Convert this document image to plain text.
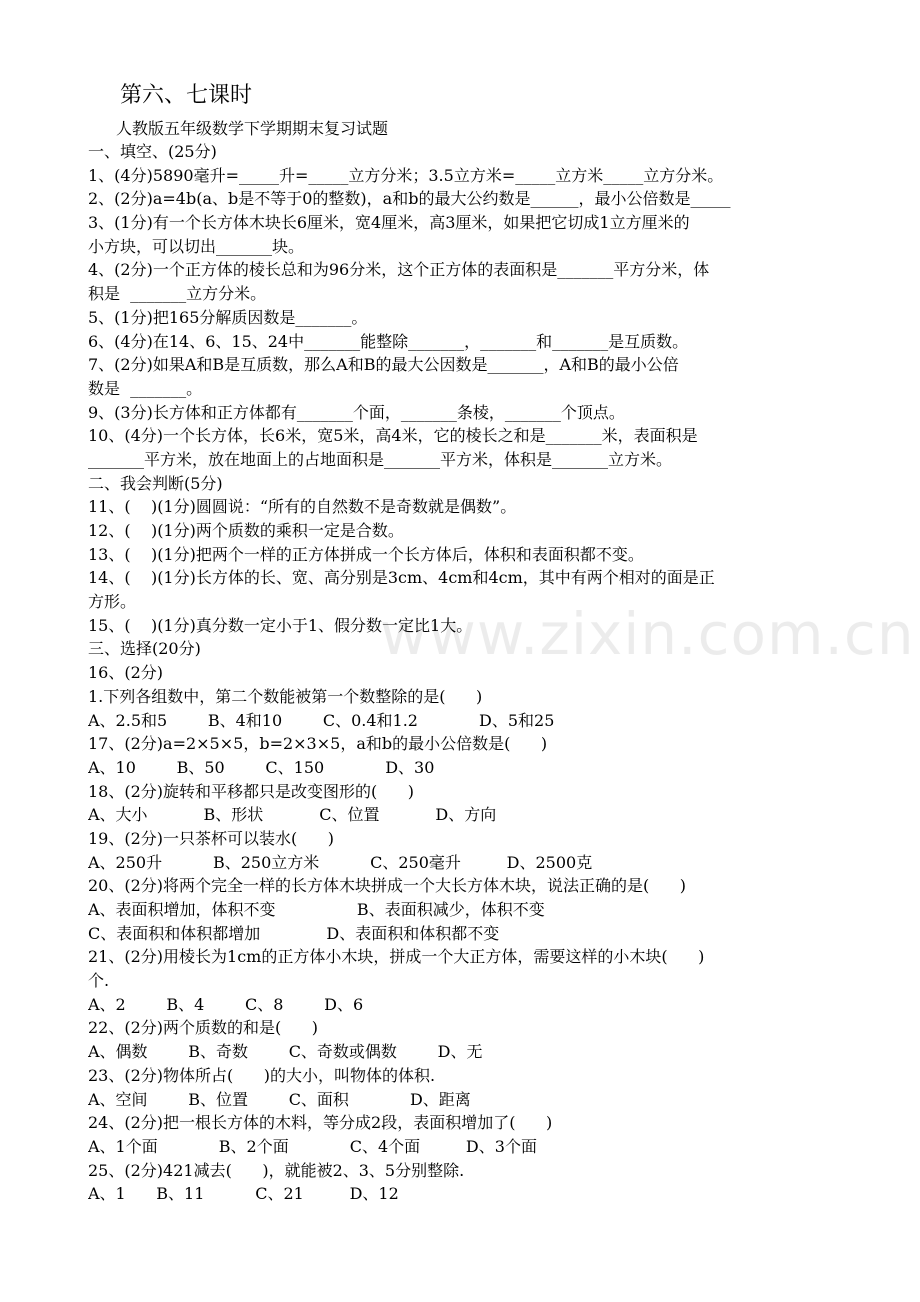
www.zixin.com.cn
第六、七课时
人教版五年级数学下学期期末复习试题
一、填空、(25分)
1、(4分)5890毫升=_____升=_____立方分米；3.5立方米=_____立方米_____立方分米。
2、(2分)a=4b(a、b是不等于0的整数)，a和b的最大公约数是______，最小公倍数是_____
3、(1分)有一个长方体木块长6厘米，宽4厘米，高3厘米，如果把它切成1立方厘米的
小方块，可以切出_______块。
4、(2分)一个正方体的棱长总和为96分米，这个正方体的表面积是_______平方分米，体
积是  _______立方分米。
5、(1分)把165分解质因数是_______。
6、(4分)在14、6、15、24中_______能整除_______，_______和_______是互质数。
7、(2分)如果A和B是互质数，那么A和B的最大公因数是_______，A和B的最小公倍
数是  _______。
9、(3分)长方体和正方体都有_______个面，_______条棱，_______个顶点。
10、(4分)一个长方体，长6米，宽5米，高4米，它的棱长之和是_______米，表面积是
_______平方米，放在地面上的占地面积是_______平方米，体积是_______立方米。
二、我会判断(5分)
11、(    )(1分)圆圆说：“所有的自然数不是奇数就是偶数”。
12、(    )(1分)两个质数的乘积一定是合数。
13、(    )(1分)把两个一样的正方体拼成一个长方体后，体积和表面积都不变。
14、(    )(1分)长方体的长、宽、高分别是3cm、4cm和4cm，其中有两个相对的面是正
方形。
15、(    )(1分)真分数一定小于1、假分数一定比1大。
三、选择(20分)
16、(2分)
1.下列各组数中，第二个数能被第一个数整除的是(      )
A、2.5和5        B、4和10        C、0.4和1.2            D、5和25
17、(2分)a=2×5×5，b=2×3×5，a和b的最小公倍数是(      )
A、10        B、50        C、150            D、30
18、(2分)旋转和平移都只是改变图形的(      )
A、大小           B、形状           C、位置           D、方向
19、(2分)一只茶杯可以装水(      )
A、250升          B、250立方米          C、250毫升         D、2500克
20、(2分)将两个完全一样的长方体木块拼成一个大长方体木块，说法正确的是(      )
A、表面积增加，体积不变                B、表面积减少，体积不变
C、表面积和体积都增加             D、表面积和体积都不变
21、(2分)用棱长为1cm的正方体小木块，拼成一个大正方体，需要这样的小木块(      )
个.
A、2        B、4        C、8        D、6
22、(2分)两个质数的和是(      )
A、偶数        B、奇数        C、奇数或偶数        D、无
23、(2分)物体所占(      )的大小，叫物体的体积.
A、空间        B、位置        C、面积            D、距离
24、(2分)把一根长方体的木料，等分成2段，表面积增加了(      )
A、1个面            B、2个面            C、4个面         D、3个面
25、(2分)421减去(      )，就能被2、3、5分别整除.
A、1      B、11          C、21         D、12
